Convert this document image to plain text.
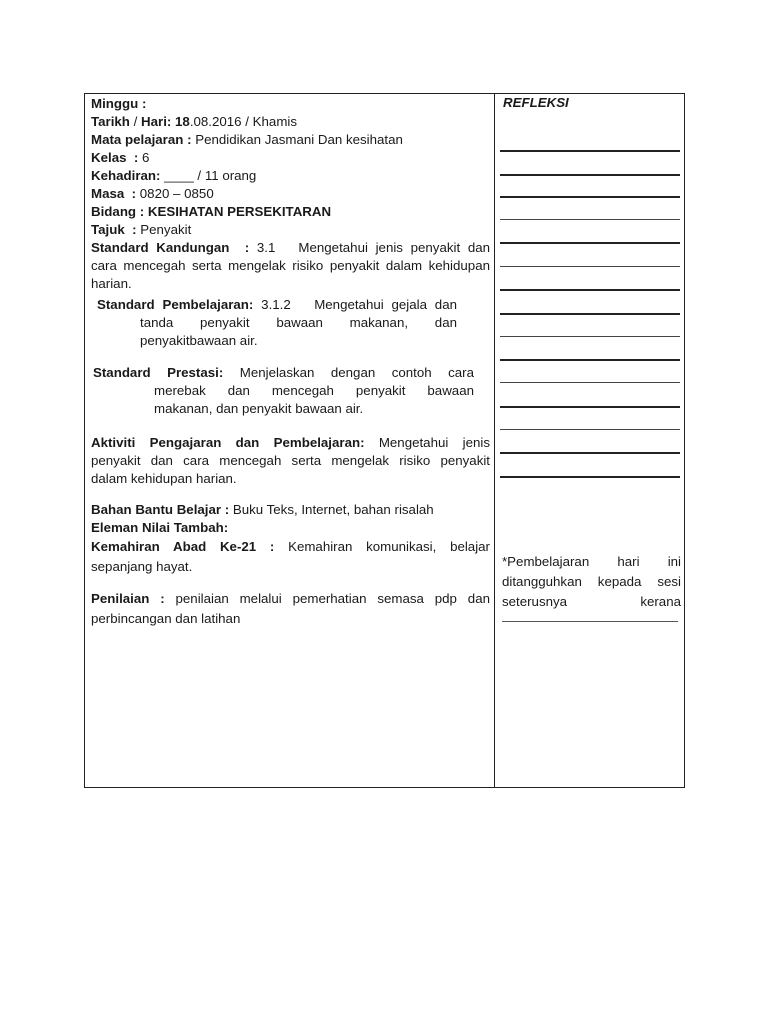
Minggu :
Tarikh / Hari: 18.08.2016 / Khamis
Mata pelajaran : Pendidikan Jasmani Dan kesihatan
Kelas  : 6
Kehadiran: ____ / 11 orang
Masa  : 0820 – 0850
Bidang : KESIHATAN PERSEKITARAN
Tajuk  : Penyakit
Standard Kandungan  : 3.1   Mengetahui jenis penyakit dan
cara mencegah serta mengelak risiko penyakit dalam kehidupan
harian.
Standard Pembelajaran: 3.1.2   Mengetahui gejala dan
tanda penyakit bawaan makanan, dan
penyakitbawaan air.
Standard Prestasi: Menjelaskan dengan contoh cara
merebak dan mencegah penyakit bawaan
makanan, dan penyakit bawaan air.
Aktiviti Pengajaran dan Pembelajaran: Mengetahui jenis
penyakit dan cara mencegah serta mengelak risiko penyakit
dalam kehidupan harian.
Bahan Bantu Belajar : Buku Teks, Internet, bahan risalah
Eleman Nilai Tambah:
Kemahiran Abad Ke-21 : Kemahiran komunikasi, belajar
sepanjang hayat.
Penilaian : penilaian melalui pemerhatian semasa pdp dan
perbincangan dan latihan
REFLEKSI
*Pembelajaran hari ini
ditangguhkan kepada sesi
seterusnya kerana
